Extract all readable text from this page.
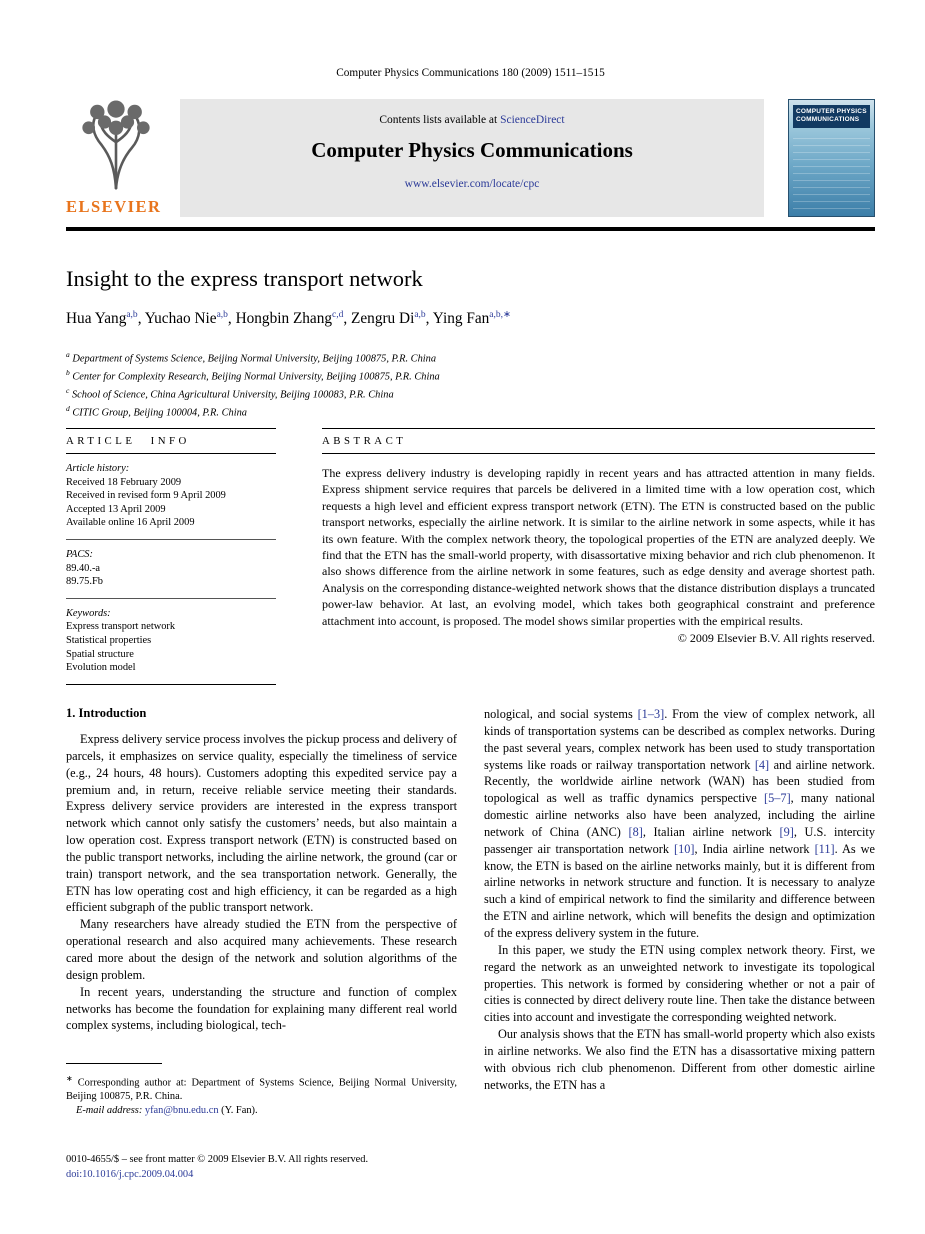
Computer Physics Communications 180 (2009) 1511–1515
ELSEVIER
Contents lists available at ScienceDirect
Computer Physics Communications
www.elsevier.com/locate/cpc
COMPUTER PHYSICS
COMMUNICATIONS
Insight to the express transport network
Hua Yang$^{a,b}$, Yuchao Nie$^{a,b}$, Hongbin Zhang$^{c,d}$, Zengru Di$^{a,b}$, Ying Fan$^{a,b,∗}$
$^a$ Department of Systems Science, Beijing Normal University, Beijing 100875, P.R. China
$^b$ Center for Complexity Research, Beijing Normal University, Beijing 100875, P.R. China
$^c$ School of Science, China Agricultural University, Beijing 100083, P.R. China
$^d$ CITIC Group, Beijing 100004, P.R. China
ARTICLE INFO
Article history:
Received 18 February 2009
Received in revised form 9 April 2009
Accepted 13 April 2009
Available online 16 April 2009
PACS:
89.40.-a
89.75.Fb
Keywords:
Express transport network
Statistical properties
Spatial structure
Evolution model
ABSTRACT

The express delivery industry is developing rapidly in recent years and has attracted attention in many fields. Express shipment service requires that parcels be delivered in a limited time with a low operation cost, which requests a high level and efficient express transport network (ETN). The ETN is constructed based on the public transport networks, especially the airline network. It is similar to the airline network in some aspects, while it has its own feature. With the complex network theory, the topological properties of the ETN are analyzed deeply. We find that the ETN has the small-world property, with disassortative mixing behavior and rich club phenomenon. It also shows difference from the airline network in some features, such as edge density and average shortest path. Analysis on the corresponding distance-weighted network shows that the distance distribution displays a truncated power-law behavior. At last, an evolving model, which takes both geographical constraint and preference attachment into account, is proposed. The model shows similar properties with the empirical results.

© 2009 Elsevier B.V. All rights reserved.
1. Introduction

Express delivery service process involves the pickup process and delivery of parcels, it emphasizes on service quality, especially the timeliness of service (e.g., 24 hours, 48 hours). Customers adopting this expedited service pay a premium and, in return, receive reliable service meeting their standards. Express delivery service providers are interested in the express transport network which cannot only satisfy the customers’ needs, but also maintain a low operation cost. Express transport network (ETN) is constructed based on the public transport networks, including the airline network, the ground (car or train) transport network, and the sea transportation network. Generally, the ETN has low operating cost and high efficiency, it can be regarded as a high efficient subgraph of the public transport network.

Many researchers have already studied the ETN from the perspective of operational research and also acquired many achievements. These research cared more about the design of the network and solution algorithms of the design problem.

In recent years, understanding the structure and function of complex networks has become the foundation for explaining many different real world complex systems, including biological, tech-

nological, and social systems [1–3]. From the view of complex network, all kinds of transportation systems can be described as complex networks. During the past several years, complex network has been used to study transportation systems like roads or railway transportation network [4] and airline network. Recently, the worldwide airline network (WAN) has been studied from topological as well as traffic dynamics perspective [5–7], many national domestic airline networks also have been analyzed, including the airline network of China (ANC) [8], Italian airline network [9], U.S. intercity passenger air transportation network [10], India airline network [11]. As we know, the ETN is based on the airline networks mainly, but it is different from airline networks in network structure and function. It is necessary to analyze such a kind of empirical network to find the similarity and difference between the ETN and airline network, which will benefits the design and optimization of the express delivery system in the future.

In this paper, we study the ETN using complex network theory. First, we regard the network as an unweighted network to investigate its topological properties. This network is formed by considering whether or not a pair of cities is connected by direct delivery route line. Then take the distance between cities into account and investigate the corresponding weighted network.

Our analysis shows that the ETN has small-world property which also exists in airline networks. We also find the ETN has a disassortative mixing pattern with obvious rich club phenomenon. Different from other domestic airline networks, the ETN has a

∗ Corresponding author at: Department of Systems Science, Beijing Normal University, Beijing 100875, P.R. China.

E-mail address: yfan@bnu.edu.cn (Y. Fan).

0010-4655/$ – see front matter © 2009 Elsevier B.V. All rights reserved.
doi:10.1016/j.cpc.2009.04.004
